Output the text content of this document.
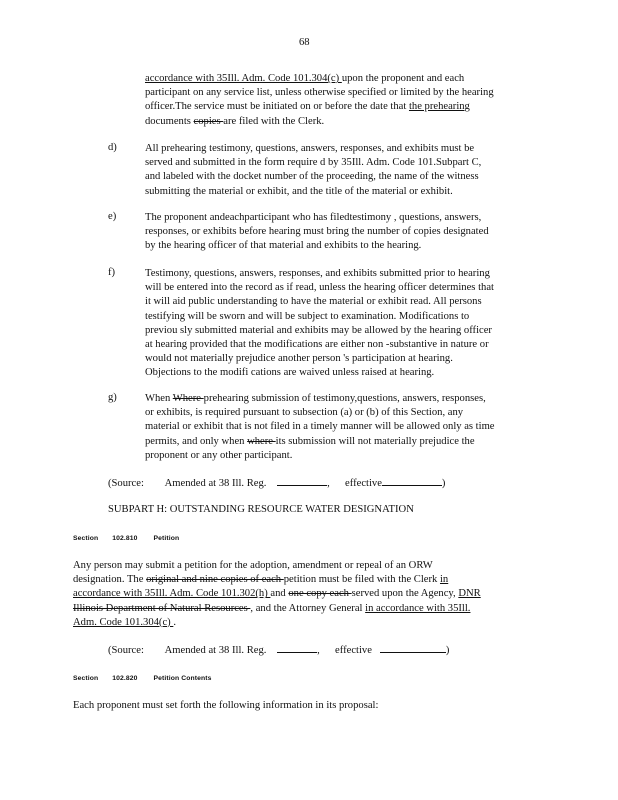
68
accordance with 35Ill. Adm. Code 101.304(c) upon the proponent and each
participant on any service list, unless otherwise specified or limited by the hearing
officer.The service must be initiated on or before the date that the prehearing
documents copies are filed with the Clerk.
d)	All prehearing testimony, questions, answers, responses, and exhibits must be
served and submitted in the form require d by 35Ill. Adm. Code 101.Subpart C,
and labeled with the docket number of the proceeding, the name of the witness
submitting the material or exhibit, and the title of the material or exhibit.
e)	The proponent andeachparticipant who has filedtestimony , questions, answers,
responses, or exhibits before hearing must bring the number of copies designated
by the hearing officer of that material and exhibits to the hearing.
f)	Testimony, questions, answers, responses, and exhibits submitted prior to hearing
will be entered into the record as if read, unless the hearing officer determines that
it will aid public understanding to have the material or exhibit read. All persons
testifying will be sworn and will be subject to examination. Modifications to
previou sly submitted material and exhibits may be allowed by the hearing officer
at hearing provided that the modifications are either non -substantive in nature or
would not materially prejudice another person 's participation at hearing.
Objections to the modifi cations are waived unless raised at hearing.
g)	When Where prehearing submission of testimony,questions, answers, responses,
or exhibits, is required pursuant to subsection (a) or (b) of this Section, any
material or exhibit that is not filed in a timely manner will be allowed only as time
permits, and only when where its submission will not materially prejudice the
proponent or any other participant.
(Source: Amended at 38 Ill. Reg.	, effective	)
SUBPART H: OUTSTANDING RESOURCE WATER DESIGNATION
Section 102.810 Petition
Any person may submit a petition for the adoption, amendment or repeal of an ORW
designation. The original and nine copies of each petition must be filed with the Clerk in
accordance with 35Ill. Adm. Code 101.302(h) and one copy each served upon the Agency, DNR
Illinois Department of Natural Resources , and the Attorney General in accordance with 35Ill.
Adm. Code 101.304(c) .
(Source: Amended at 38 Ill. Reg.	, effective	)
Section 102.820 Petition Contents
Each proponent must set forth the following information in its proposal:
